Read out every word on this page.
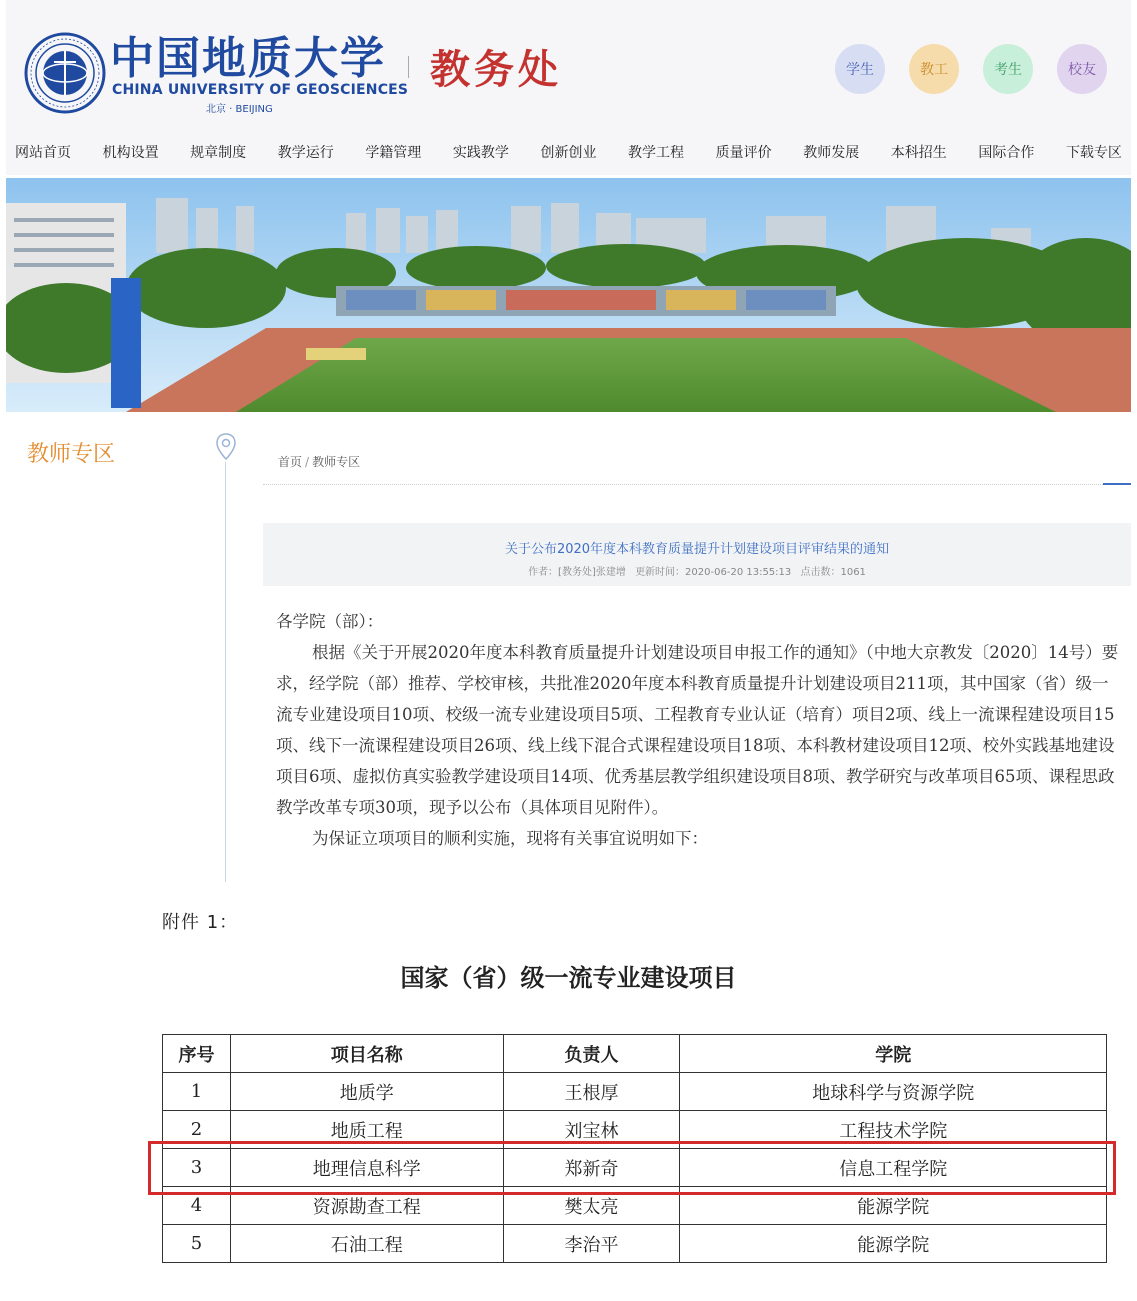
中国地质大学
CHINA UNIVERSITY OF GEOSCIENCES
北京 · BEIJING
教务处	学生	教工	考生	校友
网站首页 机构设置 规章制度 教学运行 学籍管理 实践教学 创新创业 教学工程 质量评价 教师发展 本科招生 国际合作 下载专区
教师专区	首页 / 教师专区
关于公布2020年度本科教育质量提升计划建设项目评审结果的通知
作者：[教务处]张建增 更新时间：2020-06-20 13:55:13 点击数：1061

各学院（部）：

根据《关于开展2020年度本科教育质量提升计划建设项目申报工作的通知》（中地大京教发〔2020〕14号）要求，经学院（部）推荐、学校审核，共批准2020年度本科教育质量提升计划建设项目211项，其中国家（省）级一流专业建设项目10项、校级一流专业建设项目5项、工程教育专业认证（培育）项目2项、线上一流课程建设项目15项、线下一流课程建设项目26项、线上线下混合式课程建设项目18项、本科教材建设项目12项、校外实践基地建设项目6项、虚拟仿真实验教学建设项目14项、优秀基层教学组织建设项目8项、教学研究与改革项目65项、课程思政教学改革专项30项，现予以公布（具体项目见附件）。

为保证立项项目的顺利实施，现将有关事宜说明如下：

附件 1：
国家（省）级一流专业建设项目
序号	项目名称	负责人	学院
1	地质学	王根厚	地球科学与资源学院
2	地质工程	刘宝林	工程技术学院
3	地理信息科学	郑新奇	信息工程学院
4	资源勘查工程	樊太亮	能源学院
5	石油工程	李治平	能源学院
